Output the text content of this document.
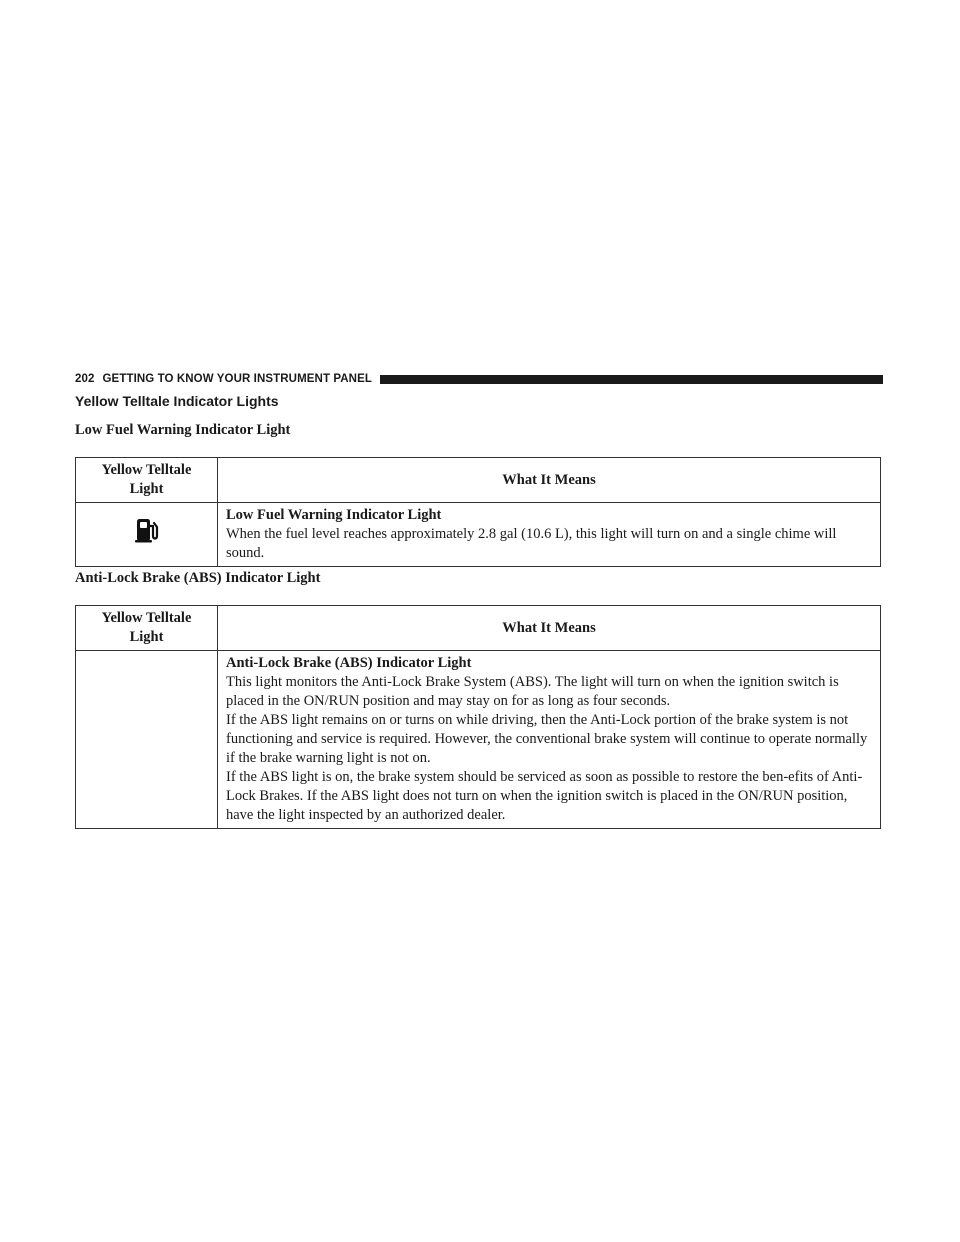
202 GETTING TO KNOW YOUR INSTRUMENT PANEL
Yellow Telltale Indicator Lights
Low Fuel Warning Indicator Light
Yellow Telltale
Light	What It Means

Low Fuel Warning Indicator Light

When the fuel level reaches approximately 2.8 gal (10.6 L), this light will turn on and a single chime will sound.

Anti-Lock Brake (ABS) Indicator Light
Yellow Telltale
Light	What It Means

	Anti-Lock Brake (ABS) Indicator Light

This light monitors the Anti-Lock Brake System (ABS). The light will turn on when the ignition switch is placed in the ON/RUN position and may stay on for as long as four seconds.

If the ABS light remains on or turns on while driving, then the Anti-Lock portion of the brake system is not functioning and service is required. However, the conventional brake system will continue to operate normally if the brake warning light is not on.

If the ABS light is on, the brake system should be serviced as soon as possible to restore the ben-efits of Anti-Lock Brakes. If the ABS light does not turn on when the ignition switch is placed in the ON/RUN position, have the light inspected by an authorized dealer.
